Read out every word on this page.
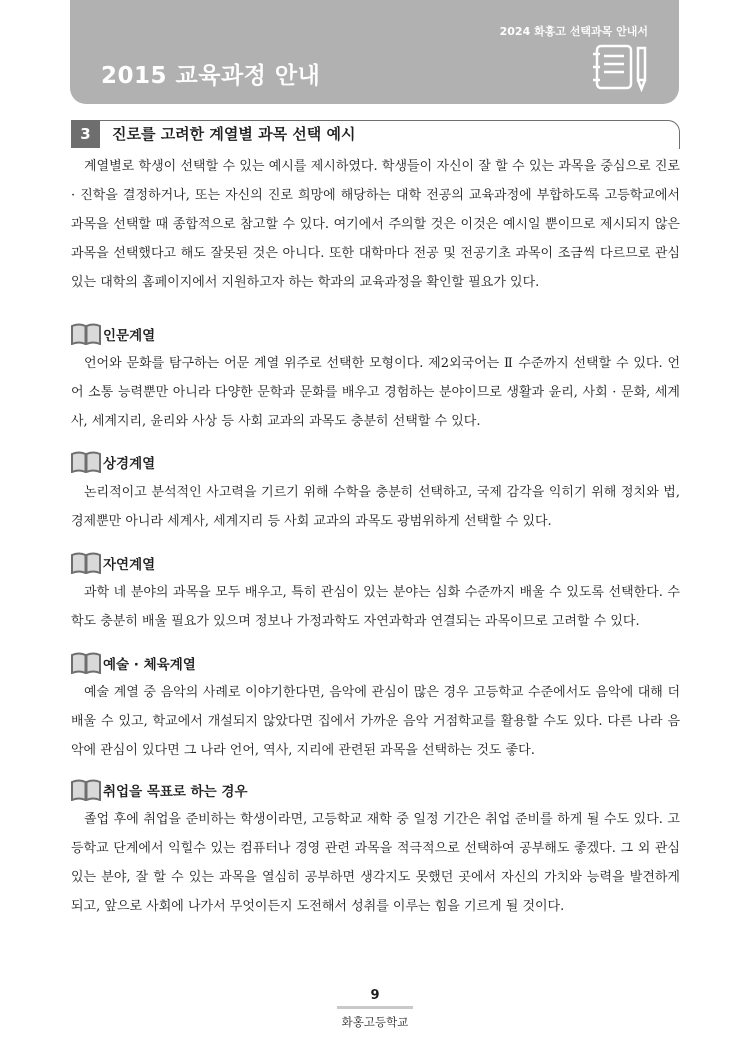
2024 화홍고 선택과목 안내서
2015 교육과정 안내
3	진로를 고려한 계열별 과목 선택 예시

계열별로 학생이 선택할 수 있는 예시를 제시하였다. 학생들이 자신이 잘 할 수 있는 과목을 중심으로 진로 · 진학을 결정하거나, 또는 자신의 진로 희망에 해당하는 대학 전공의 교육과정에 부합하도록 고등학교에서 과목을 선택할 때 종합적으로 참고할 수 있다. 여기에서 주의할 것은 이것은 예시일 뿐이므로 제시되지 않은 과목을 선택했다고 해도 잘못된 것은 아니다. 또한 대학마다 전공 및 전공기초 과목이 조금씩 다르므로 관심 있는 대학의 홈페이지에서 지원하고자 하는 학과의 교육과정을 확인할 필요가 있다.

인문계열

언어와 문화를 탐구하는 어문 계열 위주로 선택한 모형이다. 제2외국어는 Ⅱ 수준까지 선택할 수 있다. 언어 소통 능력뿐만 아니라 다양한 문학과 문화를 배우고 경험하는 분야이므로 생활과 윤리, 사회 · 문화, 세계사, 세계지리, 윤리와 사상 등 사회 교과의 과목도 충분히 선택할 수 있다.

상경계열

논리적이고 분석적인 사고력을 기르기 위해 수학을 충분히 선택하고, 국제 감각을 익히기 위해 정치와 법, 경제뿐만 아니라 세계사, 세계지리 등 사회 교과의 과목도 광범위하게 선택할 수 있다.

자연계열

과학 네 분야의 과목을 모두 배우고, 특히 관심이 있는 분야는 심화 수준까지 배울 수 있도록 선택한다. 수학도 충분히 배울 필요가 있으며 정보나 가정과학도 자연과학과 연결되는 과목이므로 고려할 수 있다.

예술 · 체육계열

예술 계열 중 음악의 사례로 이야기한다면, 음악에 관심이 많은 경우 고등학교 수준에서도 음악에 대해 더 배울 수 있고, 학교에서 개설되지 않았다면 집에서 가까운 음악 거점학교를 활용할 수도 있다. 다른 나라 음악에 관심이 있다면 그 나라 언어, 역사, 지리에 관련된 과목을 선택하는 것도 좋다.

취업을 목표로 하는 경우

졸업 후에 취업을 준비하는 학생이라면, 고등학교 재학 중 일정 기간은 취업 준비를 하게 될 수도 있다. 고등학교 단계에서 익힐수 있는 컴퓨터나 경영 관련 과목을 적극적으로 선택하여 공부해도 좋겠다. 그 외 관심 있는 분야, 잘 할 수 있는 과목을 열심히 공부하면 생각지도 못했던 곳에서 자신의 가치와 능력을 발견하게 되고, 앞으로 사회에 나가서 무엇이든지 도전해서 성취를 이루는 힘을 기르게 될 것이다.

9
화홍고등학교
